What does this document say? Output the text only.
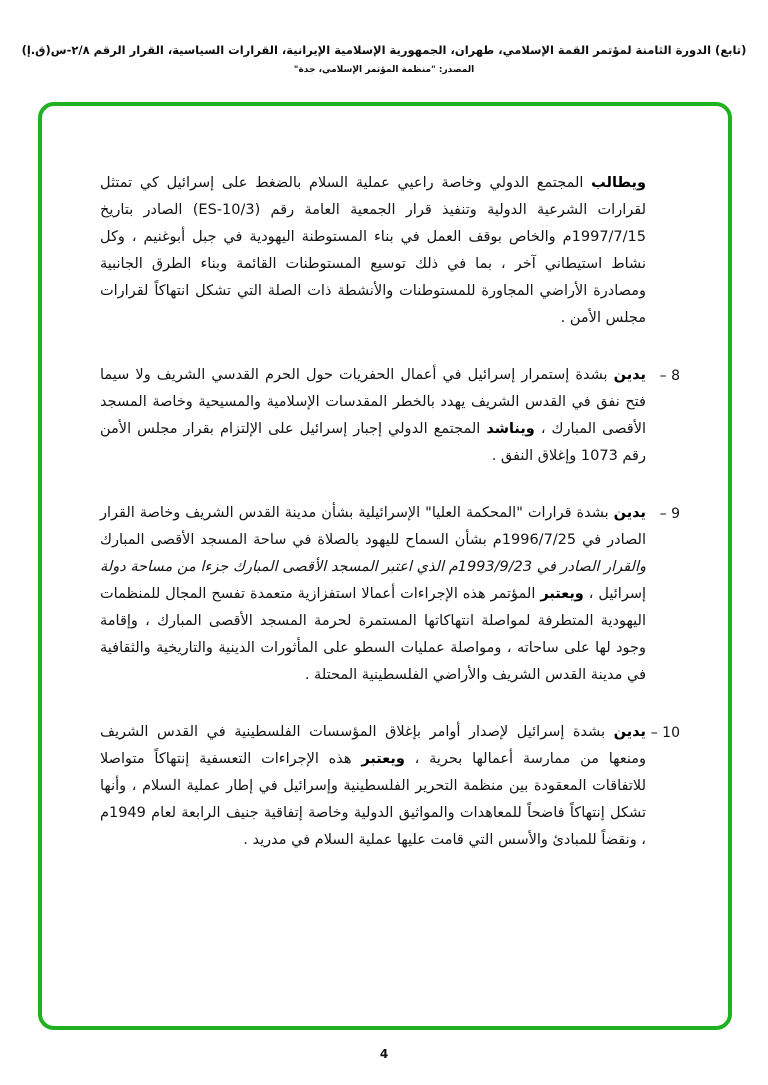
(تابع) الدورة الثامنة لمؤتمر القمة الإسلامي، طهران، الجمهورية الإسلامية الإيرانية، القرارات السياسية، القرار الرقم ٢/٨-س(ق.إ)
المصدر: "منظمة المؤتمر الإسلامي، جدة"

ويطالب المجتمع الدولي وخاصة راعيي عملية السلام بالضغط على إسرائيل كي تمتثل لقرارات الشرعية الدولية وتنفيذ قرار الجمعية العامة رقم (ES-10/3) الصادر بتاريخ 1997/7/15م والخاص بوقف العمل في بناء المستوطنة اليهودية في جبل أبوغنيم ، وكل نشاط استيطاني آخر ، بما في ذلك توسيع المستوطنات القائمة وبناء الطرق الجانبية ومصادرة الأراضي المجاورة للمستوطنات والأنشطة ذات الصلة التي تشكل انتهاكاً لقرارات مجلس الأمن .

8 –

يدين بشدة إستمرار إسرائيل في أعمال الحفريات حول الحرم القدسي الشريف ولا سيما فتح نفق في القدس الشريف يهدد بالخطر المقدسات الإسلامية والمسيحية وخاصة المسجد الأقصى المبارك ، ويناشد المجتمع الدولي إجبار إسرائيل على الإلتزام بقرار مجلس الأمن رقم 1073 وإغلاق النفق .

9 –

يدين بشدة قرارات "المحكمة العليا" الإسرائيلية بشأن مدينة القدس الشريف وخاصة القرار الصادر في 1996/7/25م بشأن السماح لليهود بالصلاة في ساحة المسجد الأقصى المبارك والقرار الصادر في 1993/9/23م الذي اعتبر المسجد الأقصى المبارك جزءا من مساحة دولة إسرائيل ، ويعتبر المؤتمر هذه الإجراءات أعمالا استفزازية متعمدة تفسح المجال للمنظمات اليهودية المتطرفة لمواصلة انتهاكاتها المستمرة لحرمة المسجد الأقصى المبارك ، وإقامة وجود لها على ساحاته ، ومواصلة عمليات السطو على المأثورات الدينية والتاريخية والثقافية في مدينة القدس الشريف والأراضي الفلسطينية المحتلة .

10 –

يدين بشدة إسرائيل لإصدار أوامر بإغلاق المؤسسات الفلسطينية في القدس الشريف ومنعها من ممارسة أعمالها بحرية ، ويعتبر هذه الإجراءات التعسفية إنتهاكاً متواصلا للاتفاقات المعقودة بين منظمة التحرير الفلسطينية وإسرائيل في إطار عملية السلام ، وأنها تشكل إنتهاكاً فاضحاً للمعاهدات والمواثيق الدولية وخاصة إتفاقية جنيف الرابعة لعام 1949م ، ونقضاً للمبادئ والأسس التي قامت عليها عملية السلام في مدريد .

4
